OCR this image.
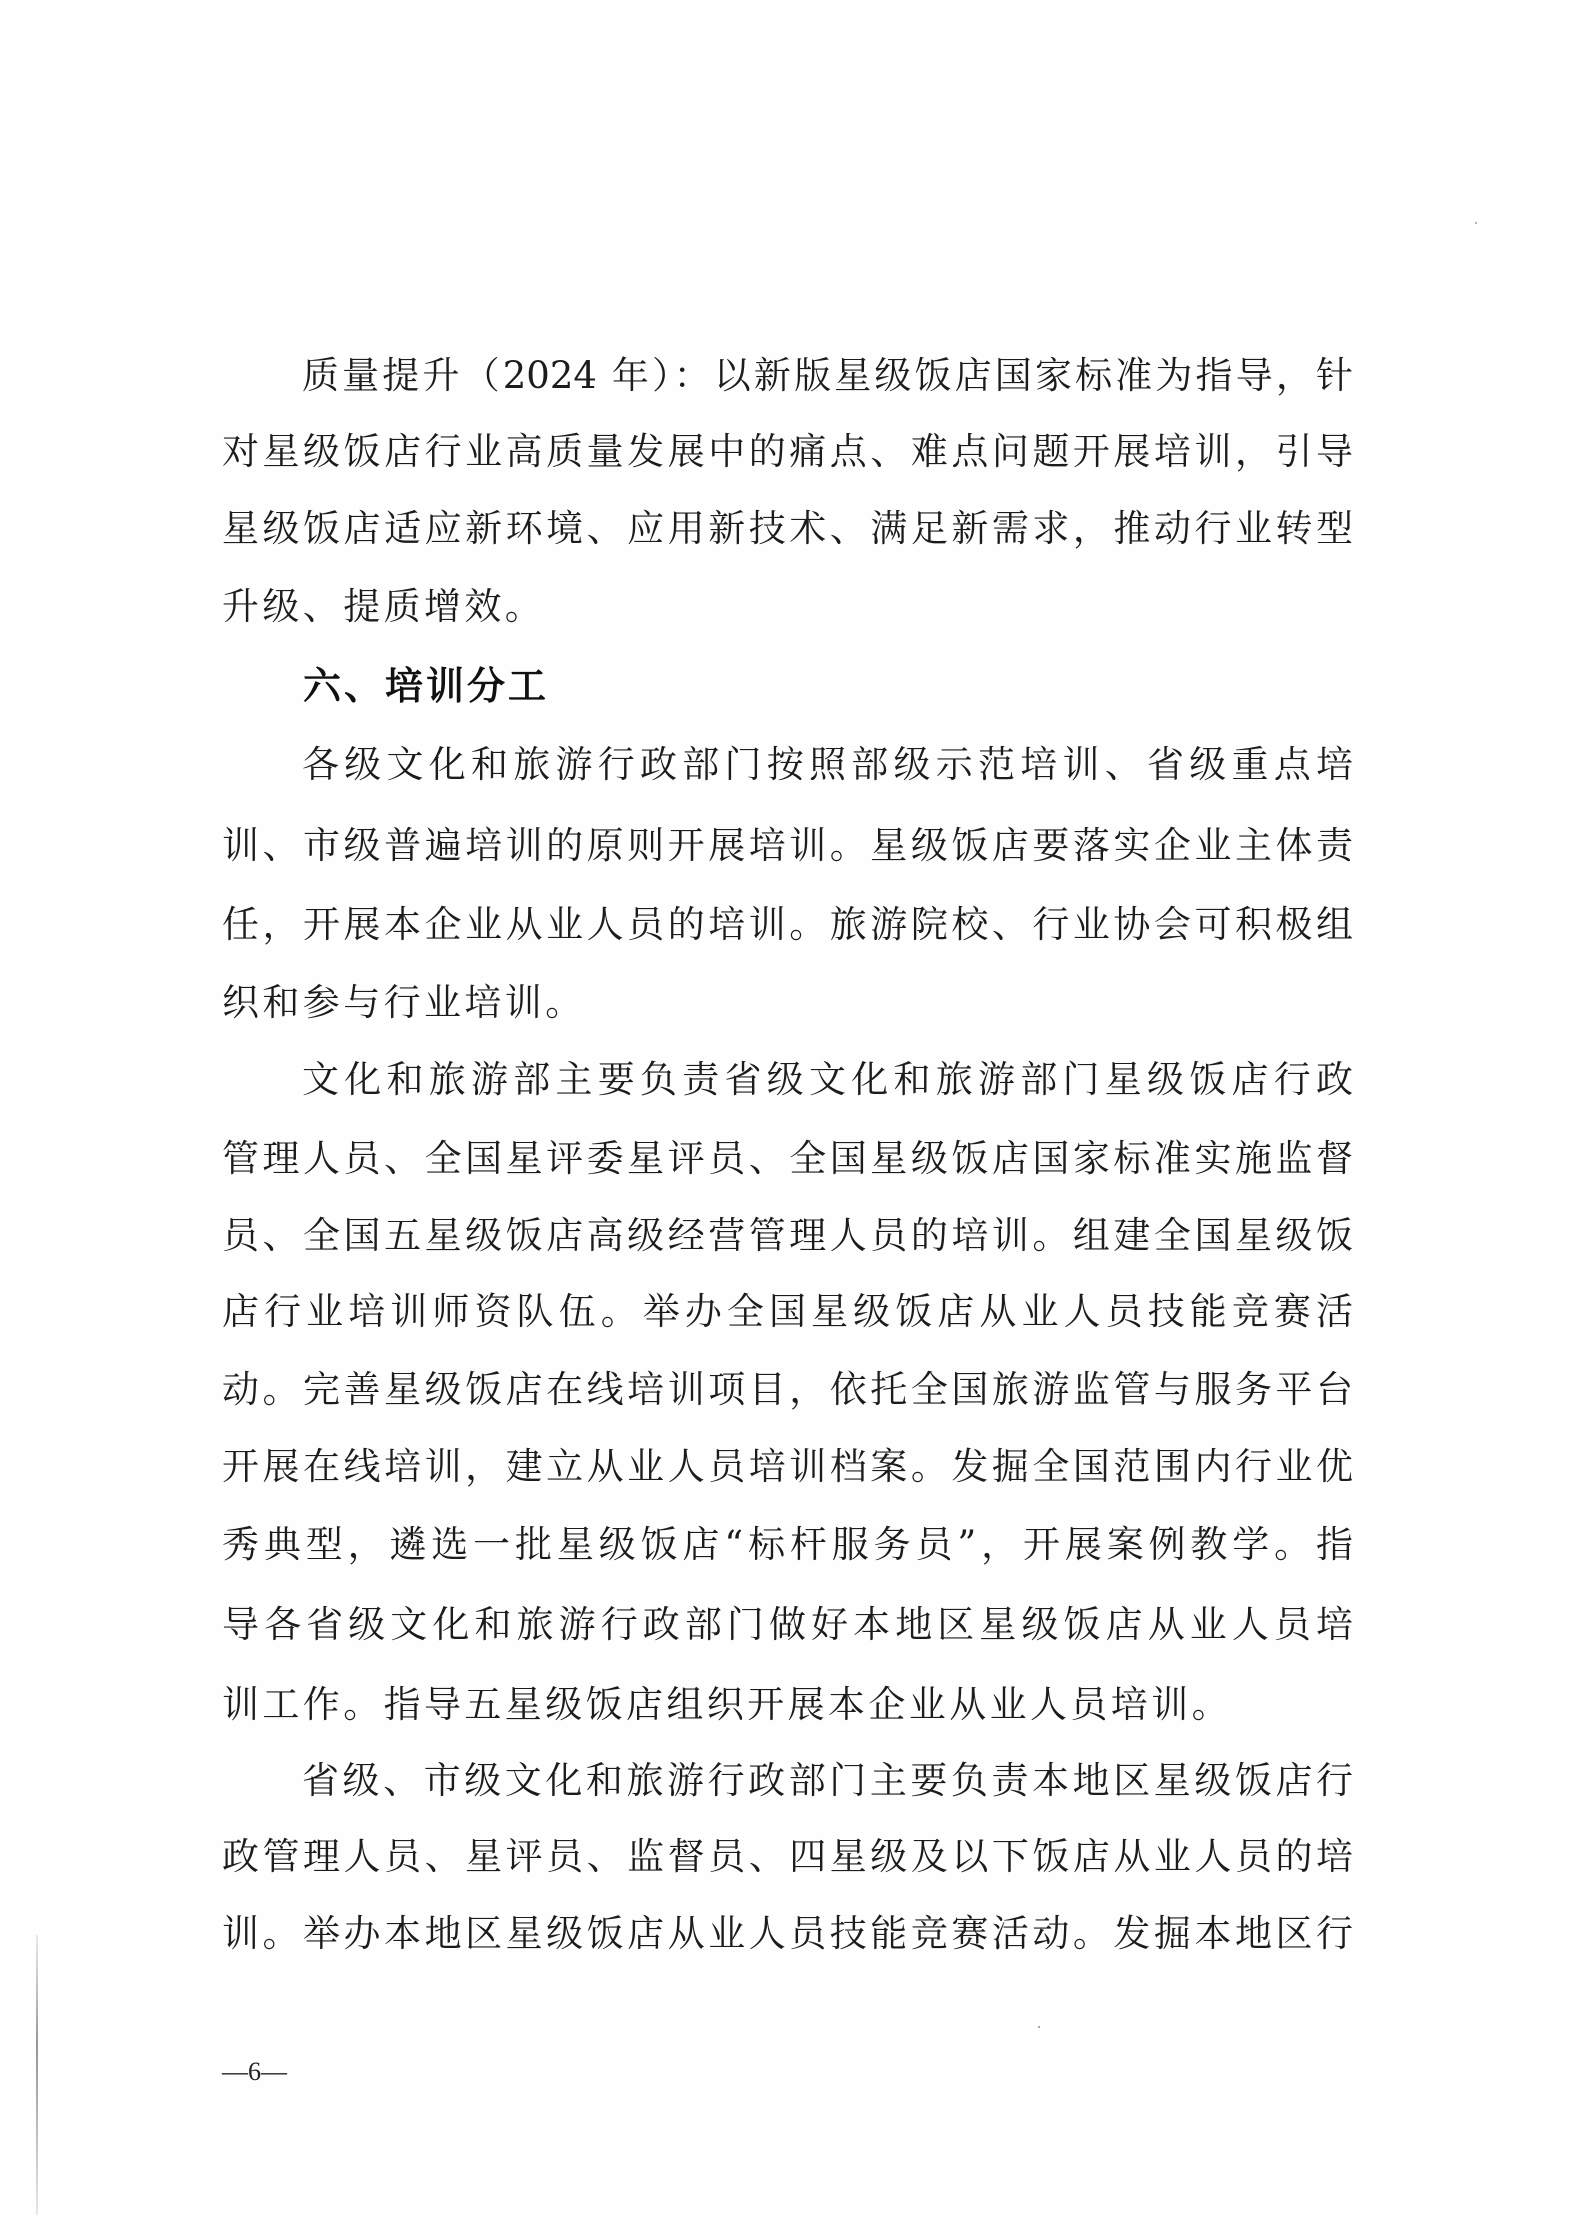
质量提升（2024 年）：以新版星级饭店国家标准为指导，针
对星级饭店行业高质量发展中的痛点、难点问题开展培训，引导
星级饭店适应新环境、应用新技术、满足新需求，推动行业转型
升级、提质增效。
六、培训分工
各级文化和旅游行政部门按照部级示范培训、省级重点培
训、市级普遍培训的原则开展培训。星级饭店要落实企业主体责
任，开展本企业从业人员的培训。旅游院校、行业协会可积极组
织和参与行业培训。
文化和旅游部主要负责省级文化和旅游部门星级饭店行政
管理人员、全国星评委星评员、全国星级饭店国家标准实施监督
员、全国五星级饭店高级经营管理人员的培训。组建全国星级饭
店行业培训师资队伍。举办全国星级饭店从业人员技能竞赛活
动。完善星级饭店在线培训项目，依托全国旅游监管与服务平台
开展在线培训，建立从业人员培训档案。发掘全国范围内行业优
秀典型，遴选一批星级饭店“标杆服务员”，开展案例教学。指
导各省级文化和旅游行政部门做好本地区星级饭店从业人员培
训工作。指导五星级饭店组织开展本企业从业人员培训。
省级、市级文化和旅游行政部门主要负责本地区星级饭店行
政管理人员、星评员、监督员、四星级及以下饭店从业人员的培
训。举办本地区星级饭店从业人员技能竞赛活动。发掘本地区行
—6—
